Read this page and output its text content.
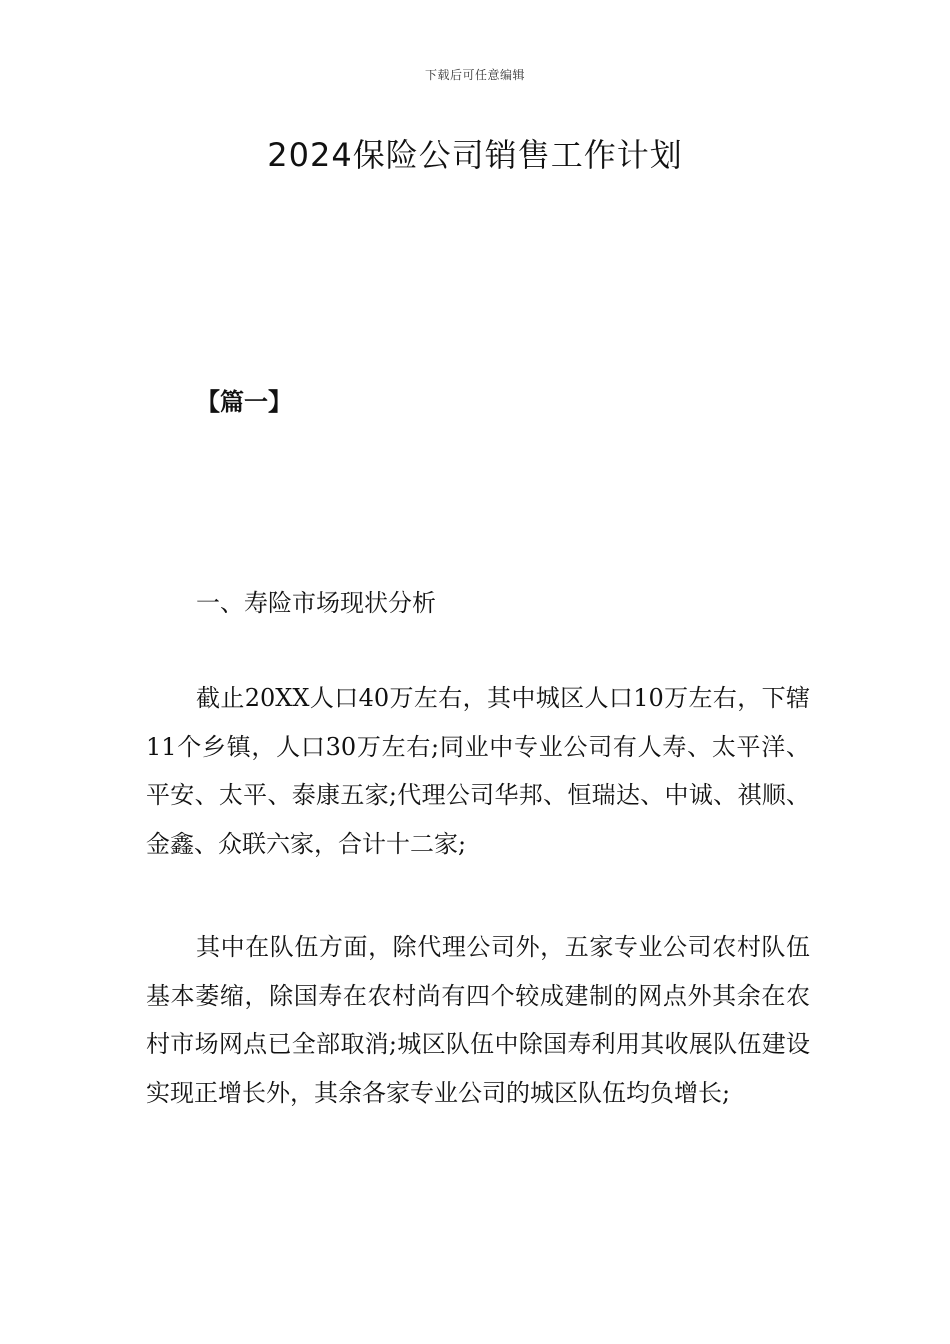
下载后可任意编辑
2024保险公司销售工作计划
【篇一】
一、寿险市场现状分析

截止20XX人口40万左右，其中城区人口10万左右，下辖11个乡镇，人口30万左右;同业中专业公司有人寿、太平洋、平安、太平、泰康五家;代理公司华邦、恒瑞达、中诚、祺顺、金鑫、众联六家，合计十二家;

其中在队伍方面，除代理公司外，五家专业公司农村队伍基本萎缩，除国寿在农村尚有四个较成建制的网点外其余在农村市场网点已全部取消;城区队伍中除国寿利用其收展队伍建设实现正增长外，其余各家专业公司的城区队伍均负增长;
